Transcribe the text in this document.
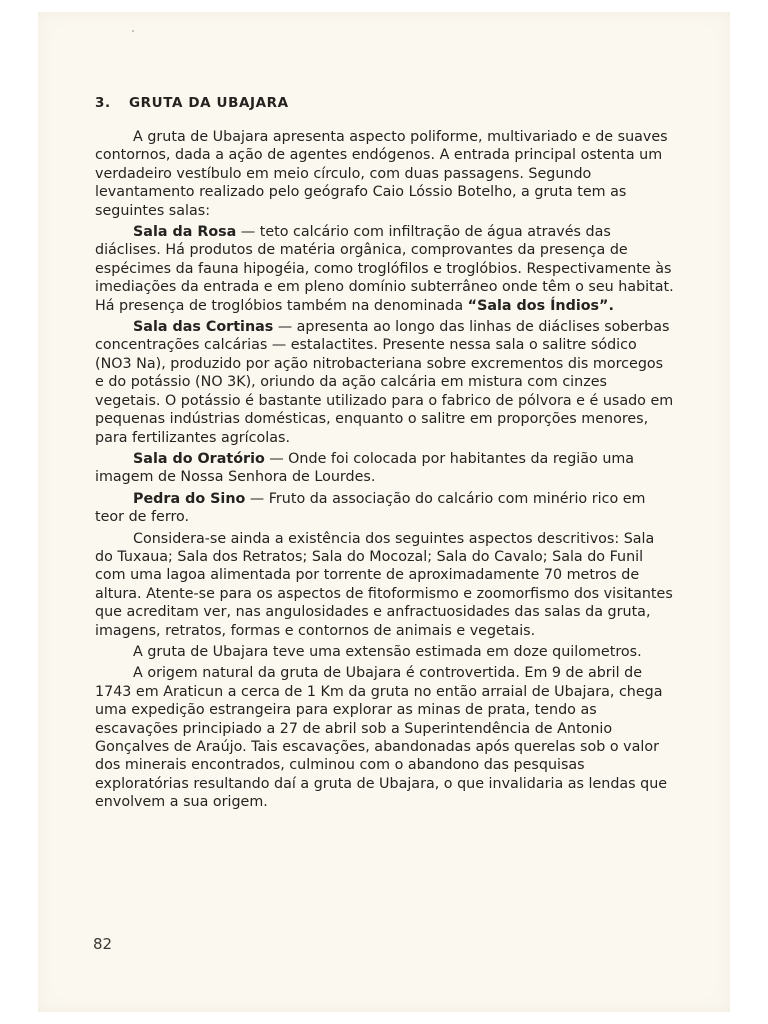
3. GRUTA DA UBAJARA

A gruta de Ubajara apresenta aspecto poliforme, multivariado e de suaves contornos, dada a ação de agentes endógenos. A entrada principal ostenta um verdadeiro vestíbulo em meio círculo, com duas passagens. Segundo levantamento realizado pelo geógrafo Caio Lóssio Botelho, a gruta tem as seguintes salas:

Sala da Rosa — teto calcário com infiltração de água através das diáclises. Há produtos de matéria orgânica, comprovantes da presença de espécimes da fauna hipogéia, como troglófilos e troglóbios. Respectivamente às imediações da entrada e em pleno domínio subterrâneo onde têm o seu habitat. Há presença de troglóbios também na denominada “Sala dos Índios”.

Sala das Cortinas — apresenta ao longo das linhas de diáclises soberbas concentrações calcárias — estalactites. Presente nessa sala o salitre sódico (NO3 Na), produzido por ação nitrobacteriana sobre excrementos dis morcegos e do potássio (NO 3K), oriundo da ação calcária em mistura com cinzes vegetais. O potássio é bastante utilizado para o fabrico de pólvora e é usado em pequenas indústrias domésticas, enquanto o salitre em proporções menores, para fertilizantes agrícolas.

Sala do Oratório — Onde foi colocada por habitantes da região uma imagem de Nossa Senhora de Lourdes.

Pedra do Sino — Fruto da associação do calcário com minério rico em teor de ferro.

Considera-se ainda a existência dos seguintes aspectos descritivos: Sala do Tuxaua; Sala dos Retratos; Sala do Mocozal; Sala do Cavalo; Sala do Funil com uma lagoa alimentada por torrente de aproximadamente 70 metros de altura. Atente-se para os aspectos de fitoformismo e zoomorfismo dos visitantes que acreditam ver, nas angulosidades e anfractuosidades das salas da gruta, imagens, retratos, formas e contornos de animais e vegetais.

A gruta de Ubajara teve uma extensão estimada em doze quilometros.

A origem natural da gruta de Ubajara é controvertida. Em 9 de abril de 1743 em Araticun a cerca de 1 Km da gruta no então arraial de Ubajara, chega uma expedição estrangeira para explorar as minas de prata, tendo as escavações principiado a 27 de abril sob a Superintendência de Antonio Gonçalves de Araújo. Tais escavações, abandonadas após querelas sob o valor dos minerais encontrados, culminou com o abandono das pesquisas exploratórias resultando daí a gruta de Ubajara, o que invalidaria as lendas que envolvem a sua origem.

82
